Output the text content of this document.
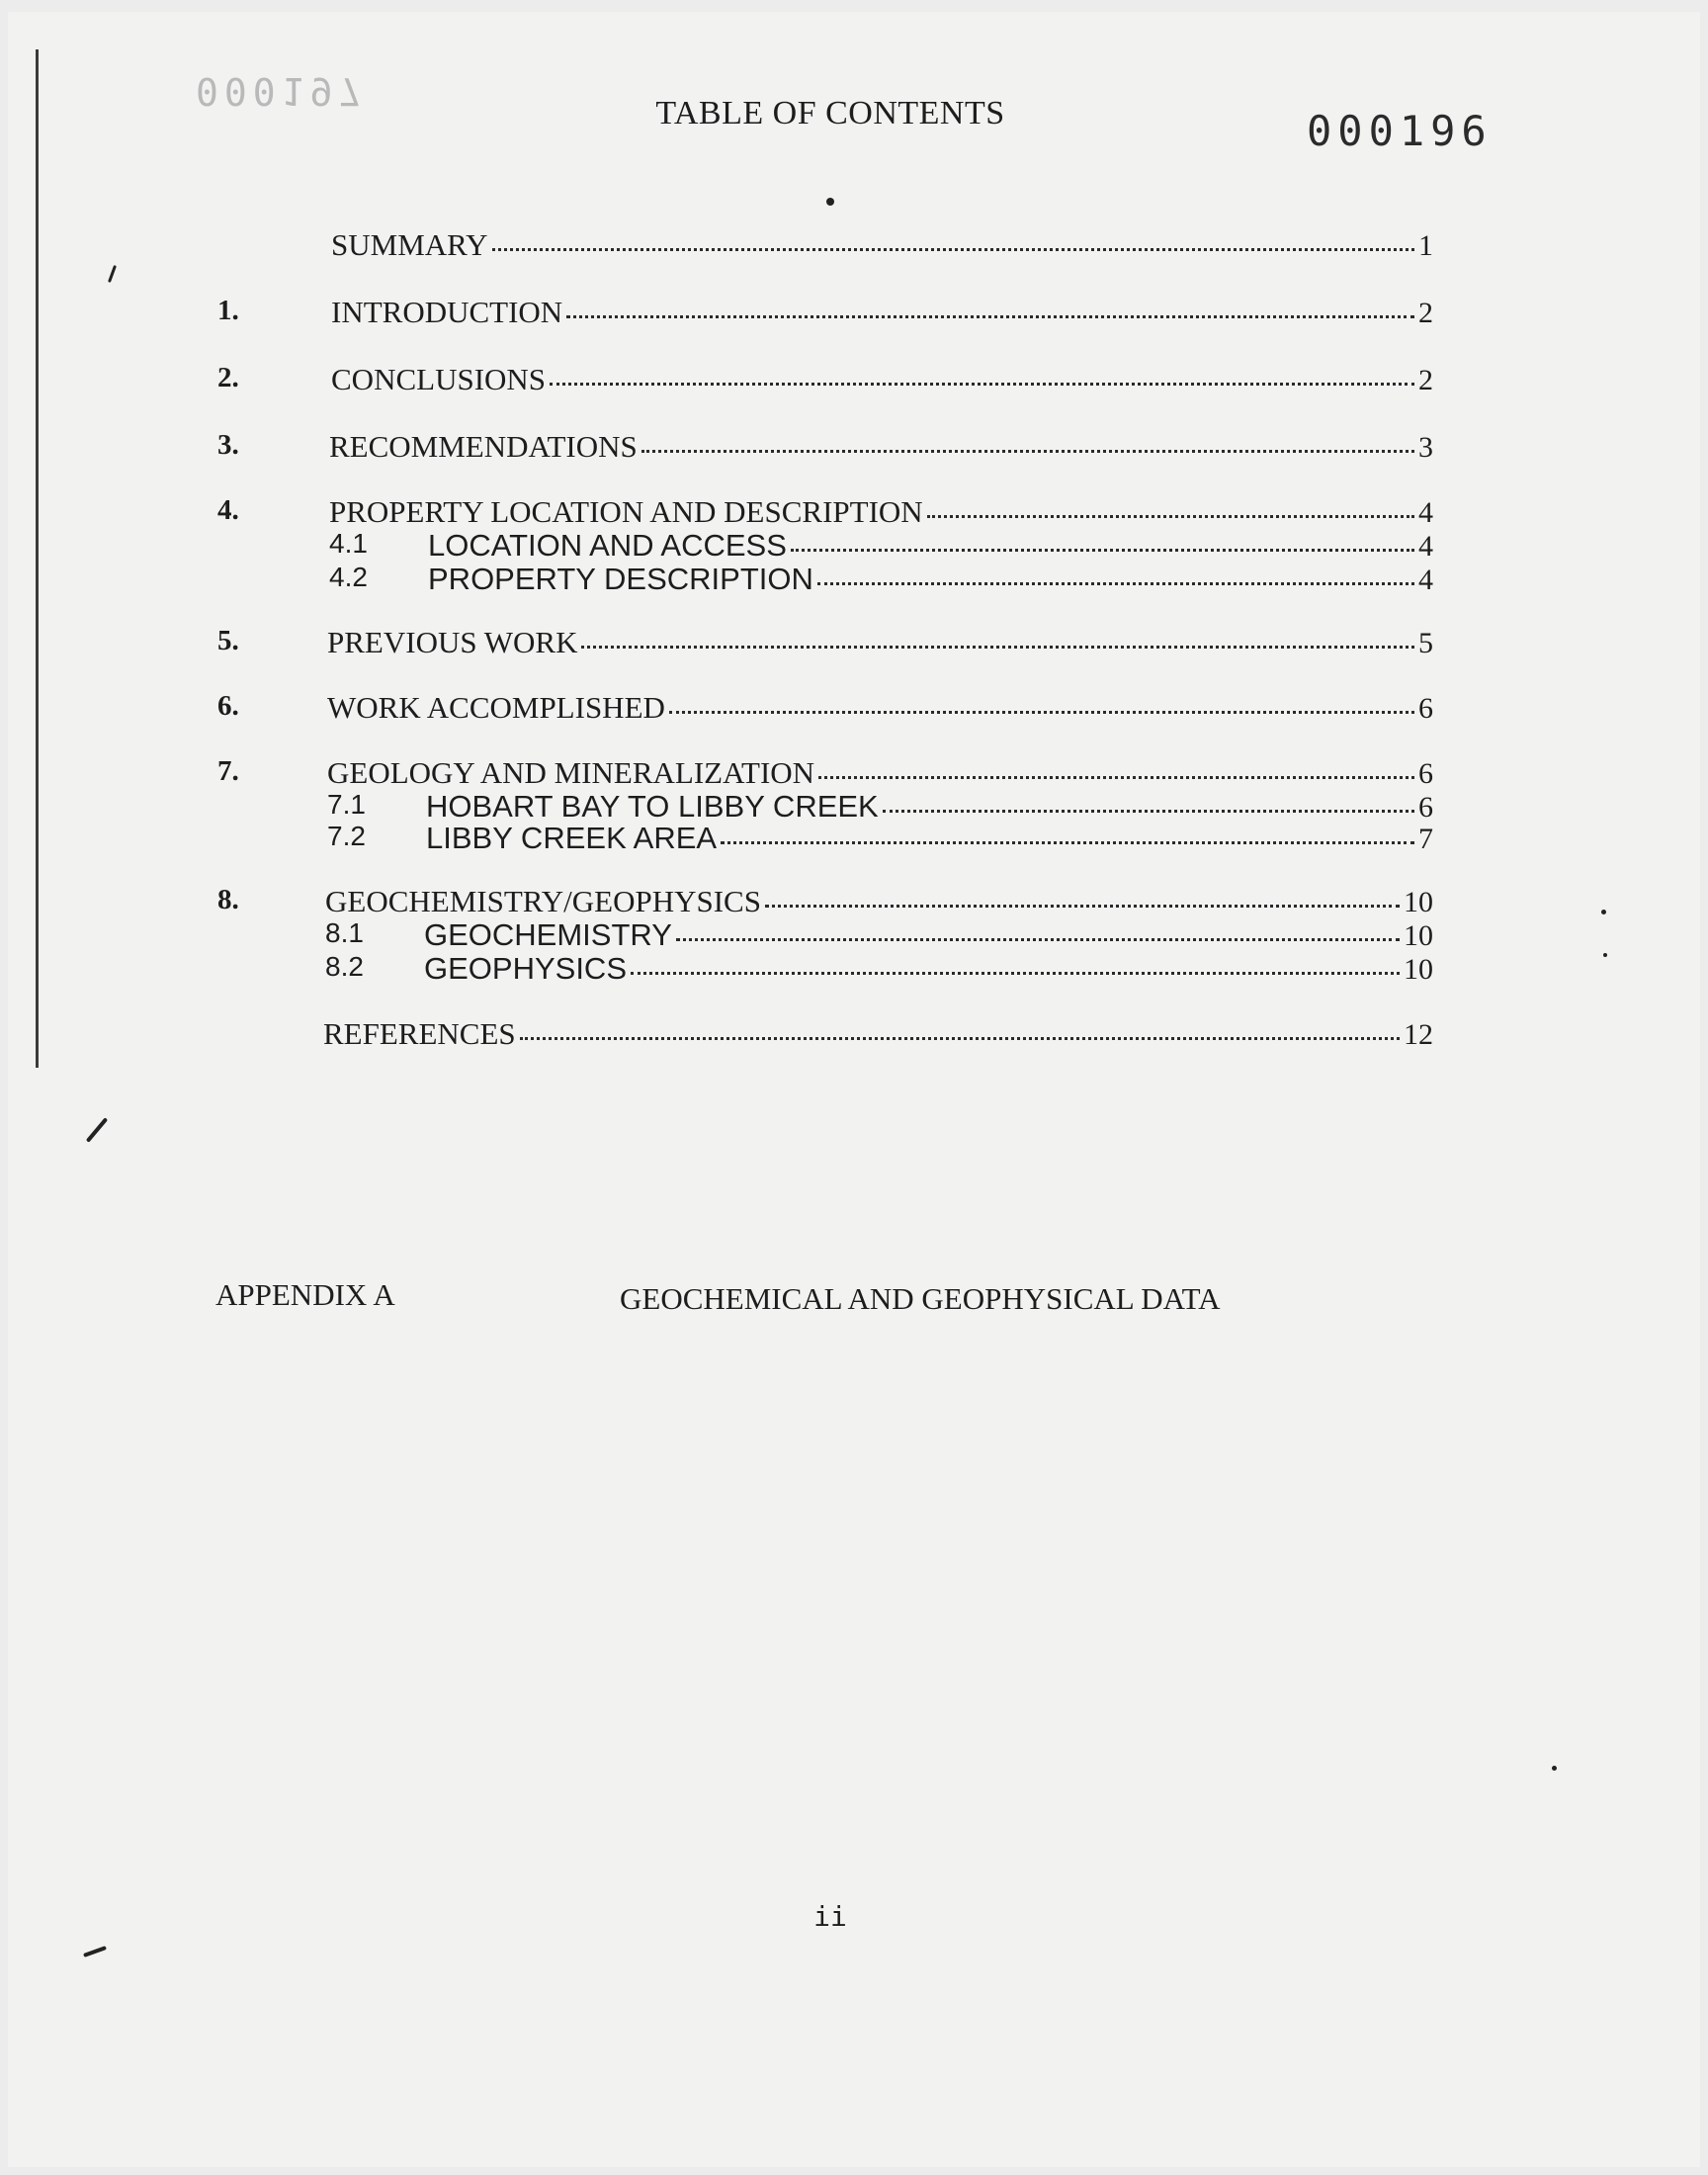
000197
TABLE OF CONTENTS	000196
SUMMARY	1
1.	INTRODUCTION	2
2.	CONCLUSIONS	2
3.	RECOMMENDATIONS	3
4.	PROPERTY LOCATION AND DESCRIPTION	4
4.1 LOCATION AND ACCESS	4
4.2 PROPERTY DESCRIPTION	4
5.	PREVIOUS WORK	5
6.	WORK ACCOMPLISHED	6
7.	GEOLOGY AND MINERALIZATION	6
7.1 HOBART BAY TO LIBBY CREEK	6
7.2 LIBBY CREEK AREA	7
8.	GEOCHEMISTRY/GEOPHYSICS	10
8.1 GEOCHEMISTRY	10
8.2 GEOPHYSICS	10
REFERENCES	12
APPENDIX A	GEOCHEMICAL AND GEOPHYSICAL DATA
ii
